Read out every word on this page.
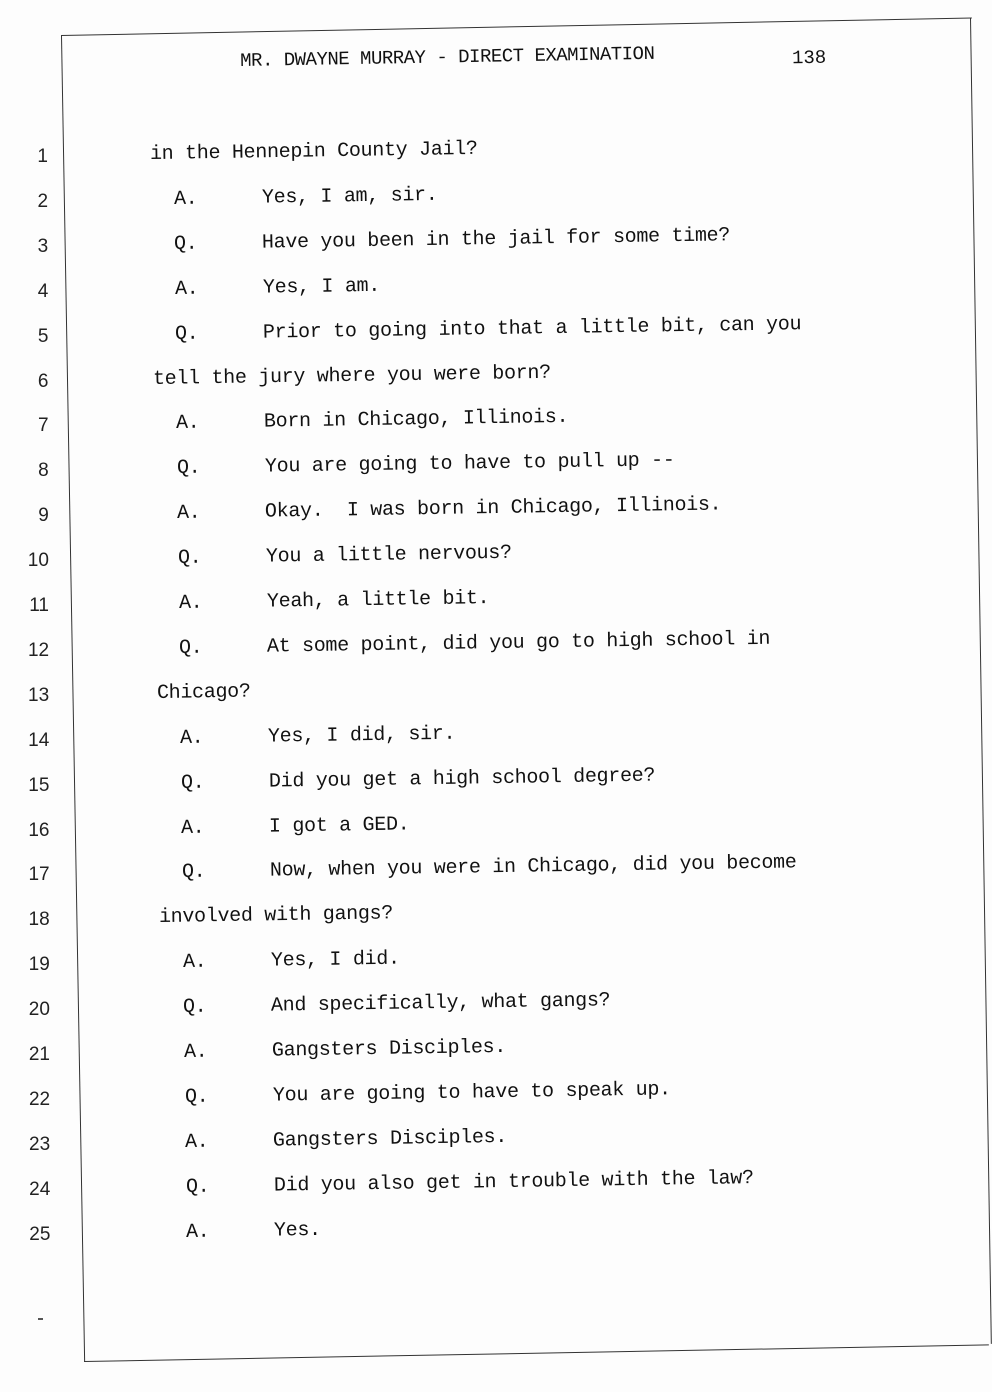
MR. DWAYNE MURRAY - DIRECT EXAMINATION	138
1	in the Hennepin County Jail?
2	A.	Yes, I am, sir.
3	Q.	Have you been in the jail for some time?
4	A.	Yes, I am.
5	Q.	Prior to going into that a little bit, can you
6	tell the jury where you were born?
7	A.	Born in Chicago, Illinois.
8	Q.	You are going to have to pull up --
9	A.	Okay.  I was born in Chicago, Illinois.
10	Q.	You a little nervous?
11	A.	Yeah, a little bit.
12	Q.	At some point, did you go to high school in
13	Chicago?
14	A.	Yes, I did, sir.
15	Q.	Did you get a high school degree?
16	A.	I got a GED.
17	Q.	Now, when you were in Chicago, did you become
18	involved with gangs?
19	A.	Yes, I did.
20	Q.	And specifically, what gangs?
21	A.	Gangsters Disciples.
22	Q.	You are going to have to speak up.
23	A.	Gangsters Disciples.
24	Q.	Did you also get in trouble with the law?
25	A.	Yes.
